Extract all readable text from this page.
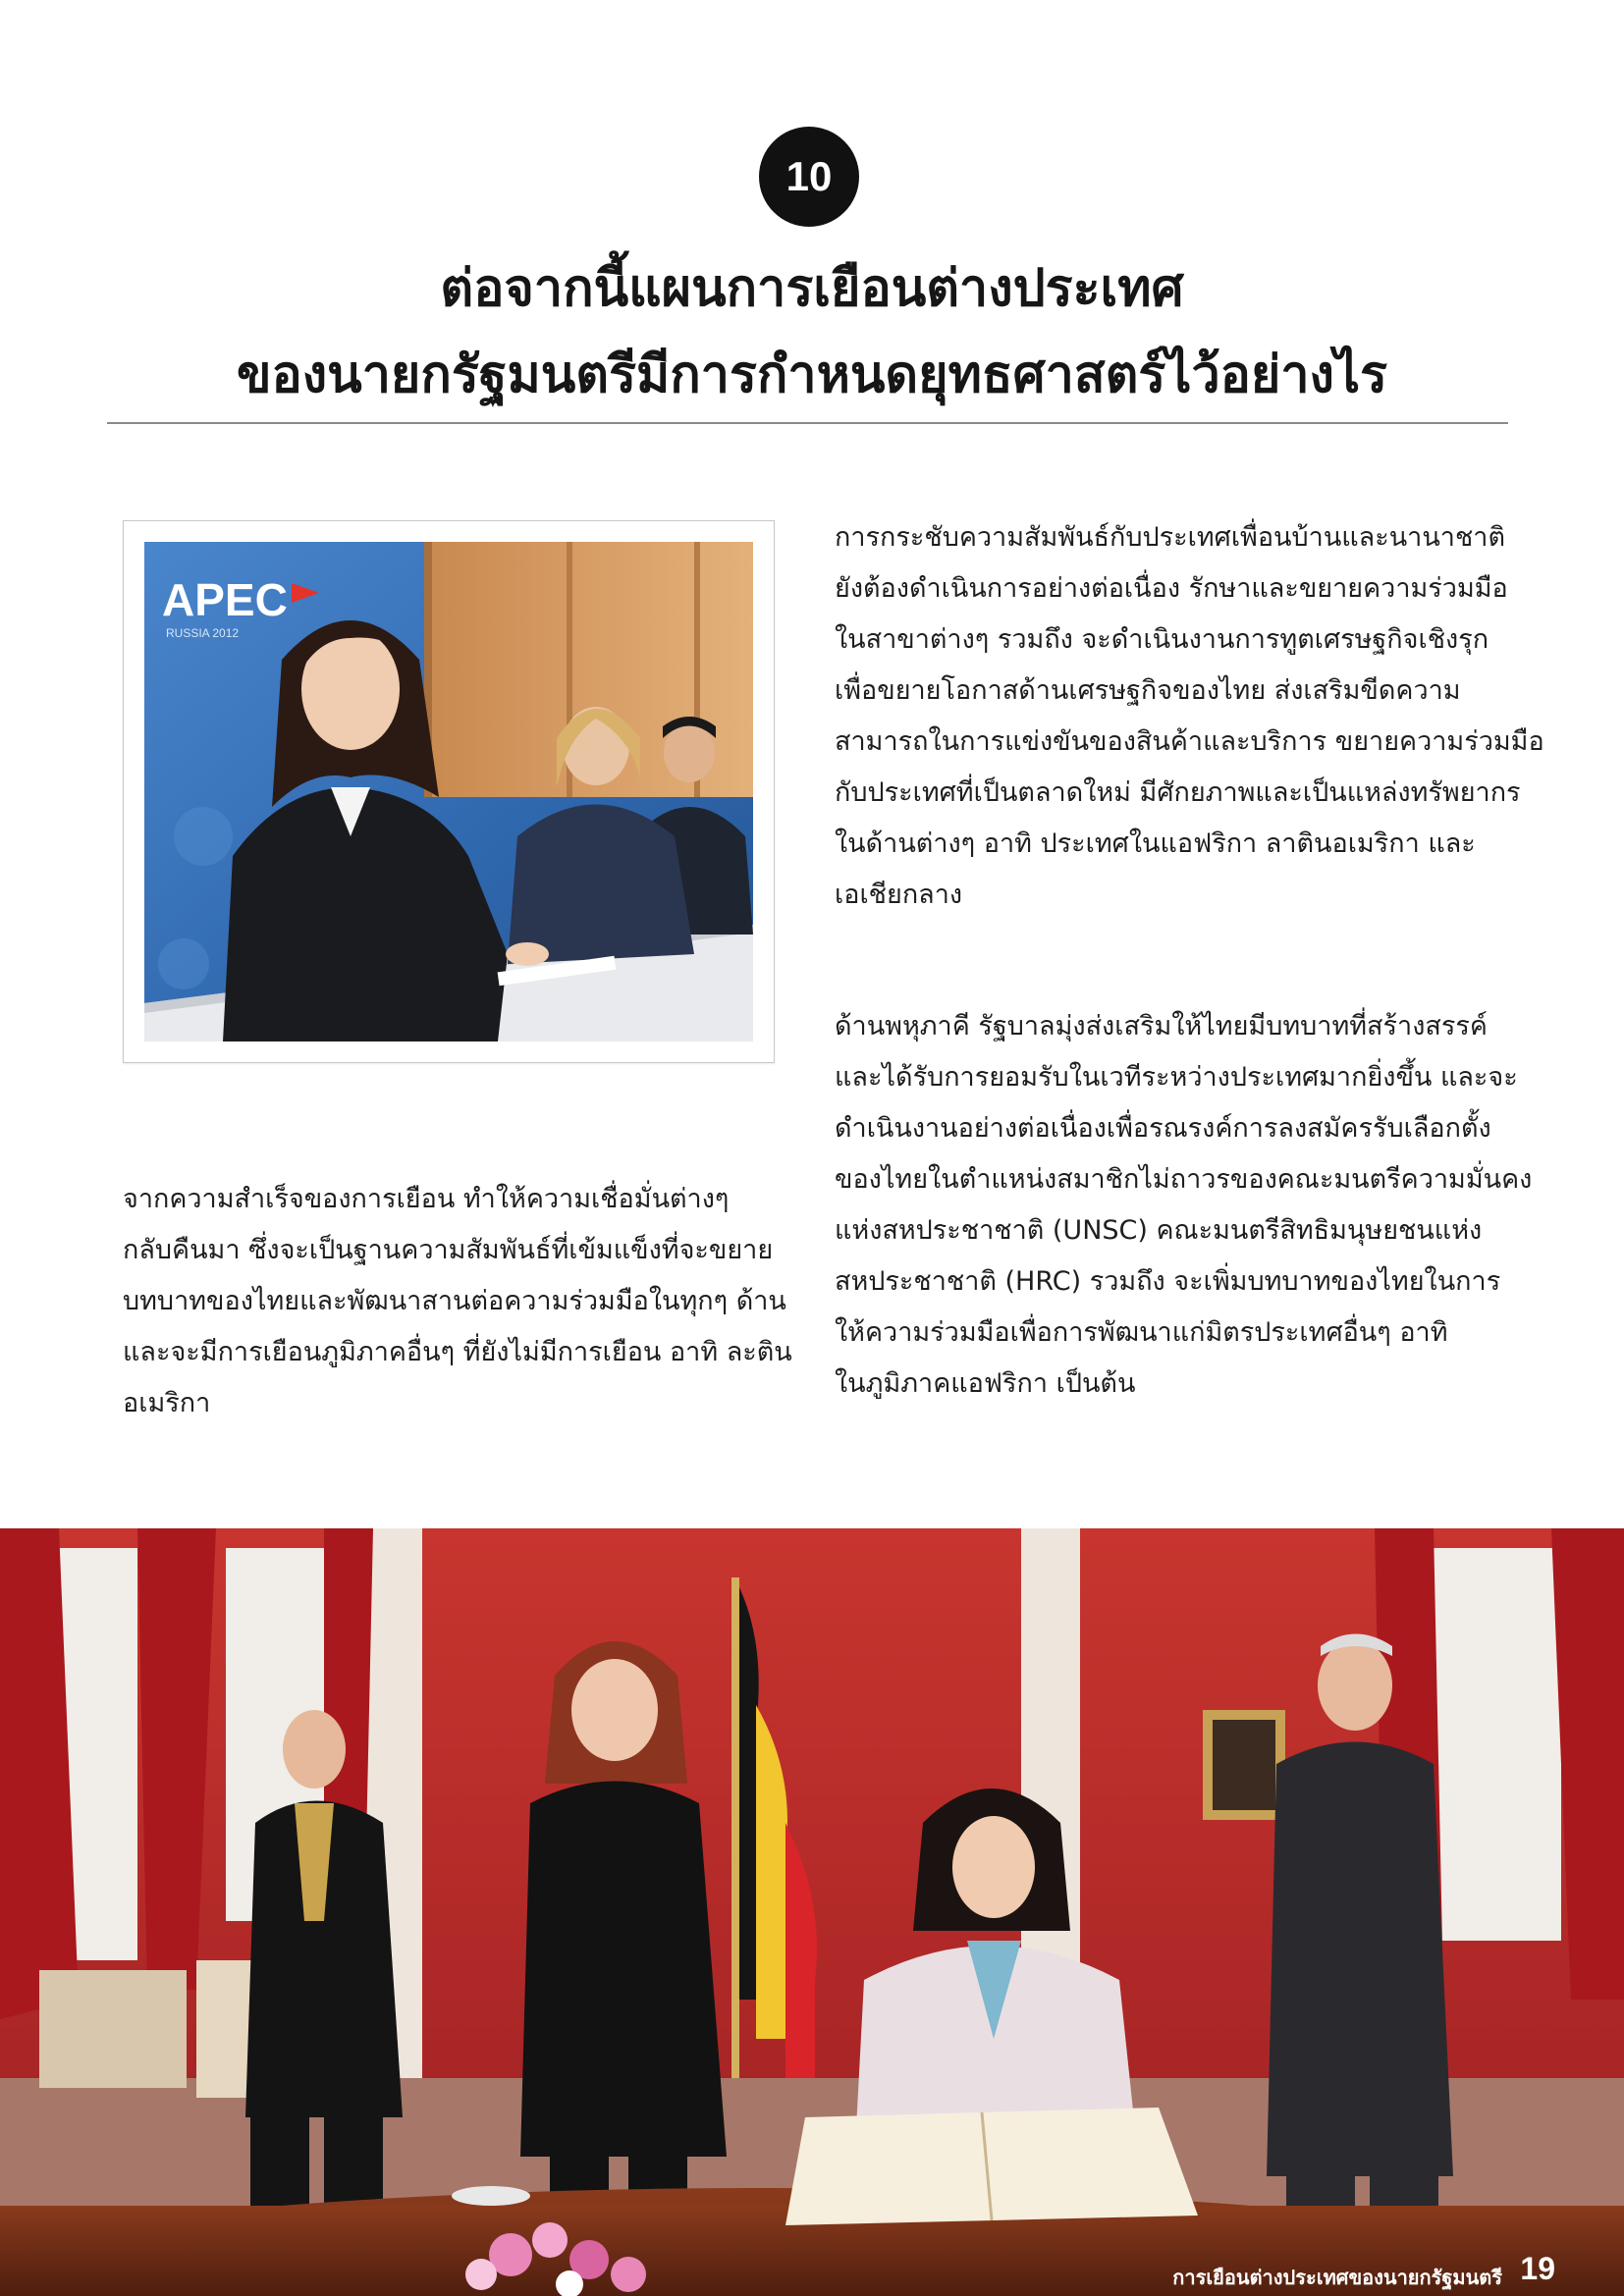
10
ต่อจากนี้แผนการเยือนต่างประเทศ
ของนายกรัฐมนตรีมีการกำหนดยุทธศาสตร์ไว้อย่างไร
APEC
RUSSIA 2012
การกระชับความสัมพันธ์กับประเทศเพื่อนบ้านและนานาชาติ
ยังต้องดำเนินการอย่างต่อเนื่อง รักษาและขยายความร่วมมือ
ในสาขาต่างๆ รวมถึง จะดำเนินงานการทูตเศรษฐกิจเชิงรุก
เพื่อขยายโอกาสด้านเศรษฐกิจของไทย ส่งเสริมขีดความ
สามารถในการแข่งขันของสินค้าและบริการ ขยายความร่วมมือ
กับประเทศที่เป็นตลาดใหม่ มีศักยภาพและเป็นแหล่งทรัพยากร
ในด้านต่างๆ อาทิ ประเทศในแอฟริกา ลาตินอเมริกา และ
เอเชียกลาง
ด้านพหุภาคี รัฐบาลมุ่งส่งเสริมให้ไทยมีบทบาทที่สร้างสรรค์
และได้รับการยอมรับในเวทีระหว่างประเทศมากยิ่งขึ้น และจะ
ดำเนินงานอย่างต่อเนื่องเพื่อรณรงค์การลงสมัครรับเลือกตั้ง
ของไทยในตำแหน่งสมาชิกไม่ถาวรของคณะมนตรีความมั่นคง
แห่งสหประชาชาติ (UNSC) คณะมนตรีสิทธิมนุษยชนแห่ง
สหประชาชาติ (HRC) รวมถึง จะเพิ่มบทบาทของไทยในการ
ให้ความร่วมมือเพื่อการพัฒนาแก่มิตรประเทศอื่นๆ อาทิ
ในภูมิภาคแอฟริกา เป็นต้น
จากความสำเร็จของการเยือน ทำให้ความเชื่อมั่นต่างๆ
กลับคืนมา ซึ่งจะเป็นฐานความสัมพันธ์ที่เข้มแข็งที่จะขยาย
บทบาทของไทยและพัฒนาสานต่อความร่วมมือในทุกๆ ด้าน
และจะมีการเยือนภูมิภาคอื่นๆ ที่ยังไม่มีการเยือน อาทิ ละติน
อเมริกา
การเยือนต่างประเทศของนายกรัฐมนตรี 19
